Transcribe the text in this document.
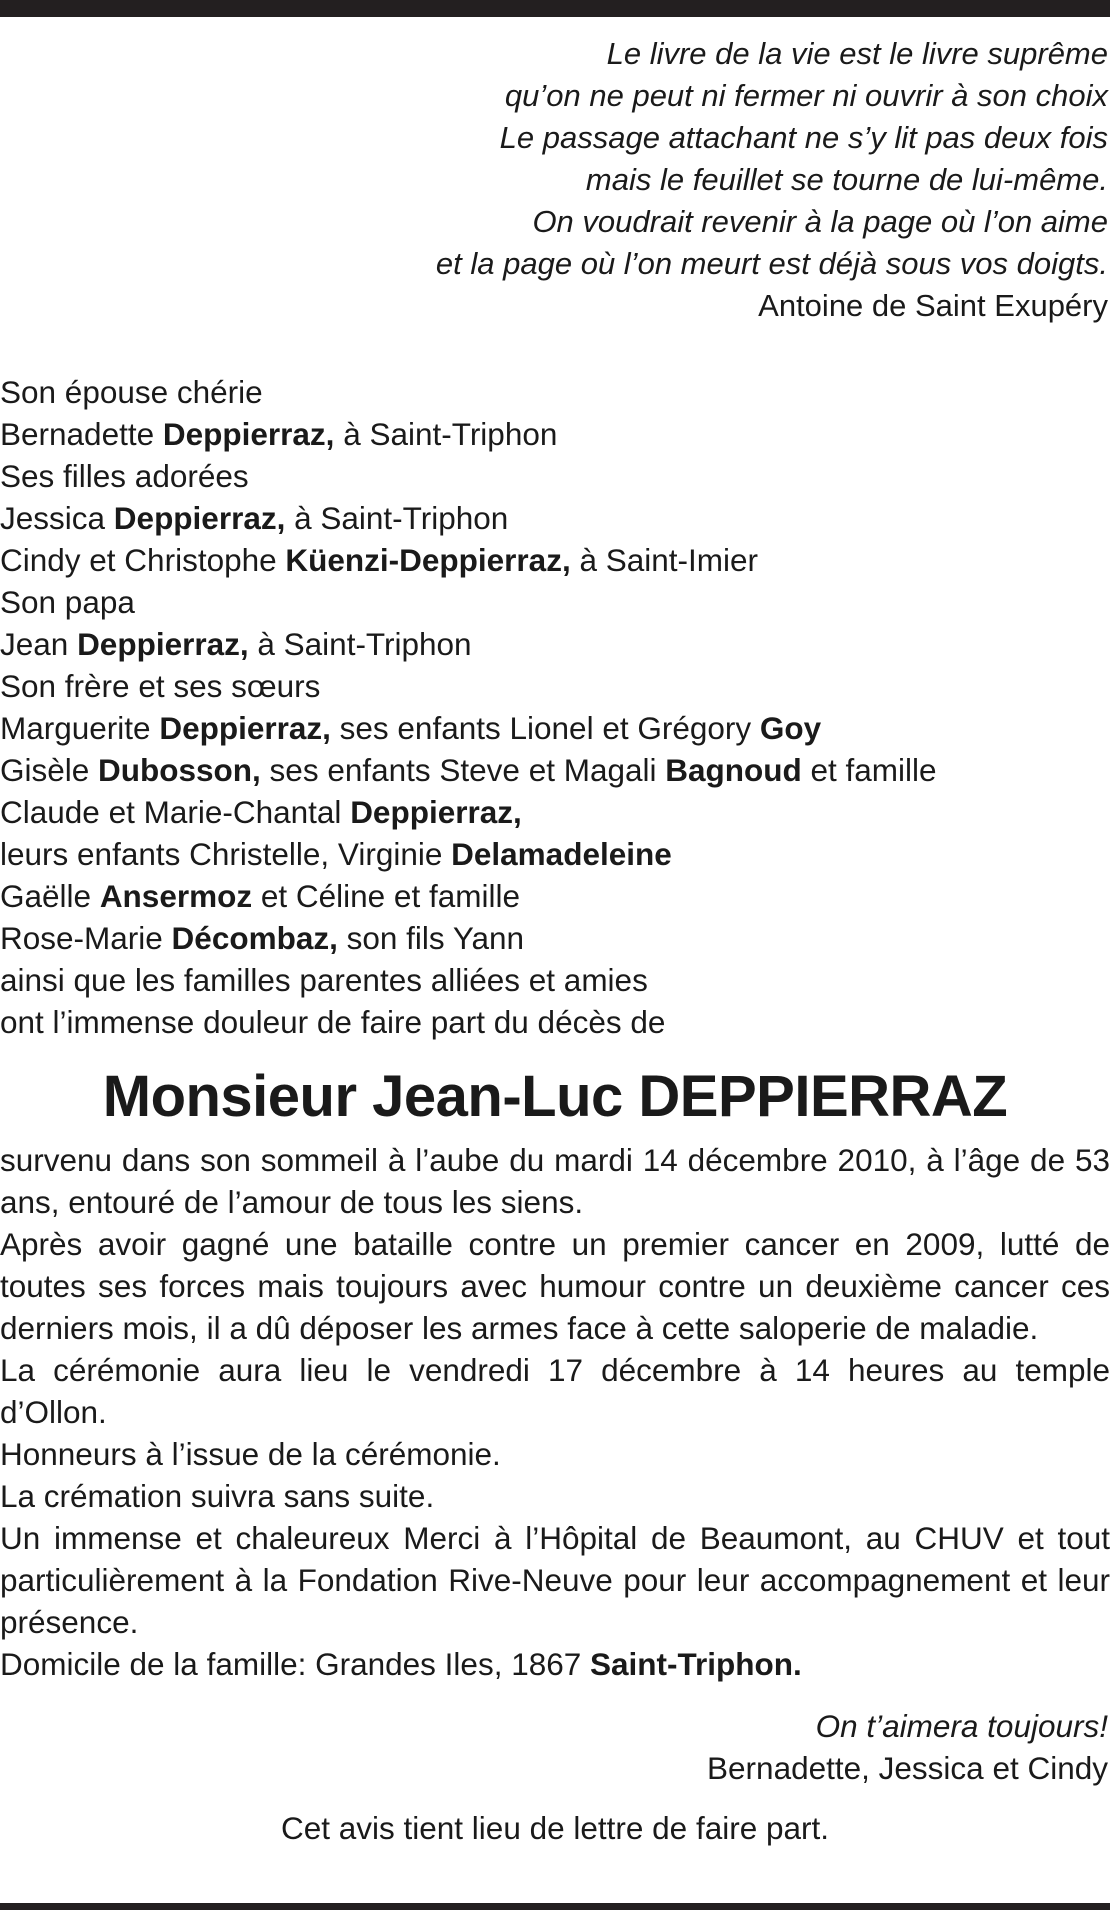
Le livre de la vie est le livre suprême
qu’on ne peut ni fermer ni ouvrir à son choix
Le passage attachant ne s’y lit pas deux fois
mais le feuillet se tourne de lui-même.
On voudrait revenir à la page où l’on aime
et la page où l’on meurt est déjà sous vos doigts.
Antoine de Saint Exupéry
Son épouse chérie
Bernadette Deppierraz, à Saint-Triphon
Ses filles adorées
Jessica Deppierraz, à Saint-Triphon
Cindy et Christophe Küenzi-Deppierraz, à Saint-Imier
Son papa
Jean Deppierraz, à Saint-Triphon
Son frère et ses sœurs
Marguerite Deppierraz, ses enfants Lionel et Grégory Goy
Gisèle Dubosson, ses enfants Steve et Magali Bagnoud et famille
Claude et Marie-Chantal Deppierraz,
leurs enfants Christelle, Virginie Delamadeleine
Gaëlle Ansermoz et Céline et famille
Rose-Marie Décombaz, son fils Yann
ainsi que les familles parentes alliées et amies
ont l’immense douleur de faire part du décès de
Monsieur Jean-Luc DEPPIERRAZ

survenu dans son sommeil à l’aube du mardi 14 décembre 2010, à l’âge de 53 ans, entouré de l’amour de tous les siens.

Après avoir gagné une bataille contre un premier cancer en 2009, lutté de toutes ses forces mais toujours avec humour contre un deuxième cancer ces derniers mois, il a dû déposer les armes face à cette saloperie de maladie.

La cérémonie aura lieu le vendredi 17 décembre à 14 heures au temple d’Ollon.

Honneurs à l’issue de la cérémonie.

La crémation suivra sans suite.

Un immense et chaleureux Merci à l’Hôpital de Beaumont, au CHUV et tout particulièrement à la Fondation Rive-Neuve pour leur accompagnement et leur présence.

Domicile de la famille: Grandes Iles, 1867 Saint-Triphon.

On t’aimera toujours!
Bernadette, Jessica et Cindy
Cet avis tient lieu de lettre de faire part.
